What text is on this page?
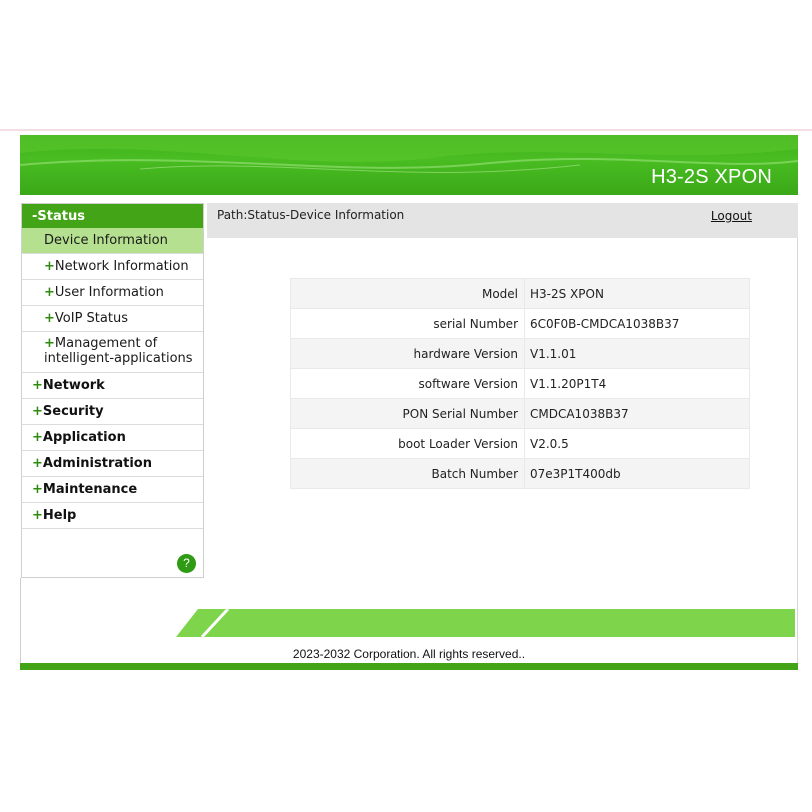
H3-2S XPON
-Status
Device Information
+Network Information
+User Information
+VoIP Status
+Management of intelligent-applications
+Network
+Security
+Application
+Administration
+Maintenance
+Help
?
Path:Status-Device Information	Logout
Model	H3-2S XPON
serial Number	6C0F0B-CMDCA1038B37
hardware Version	V1.1.01
software Version	V1.1.20P1T4
PON Serial Number	CMDCA1038B37
boot Loader Version	V2.0.5
Batch Number	07e3P1T400db
2023-2032 Corporation. All rights reserved..
